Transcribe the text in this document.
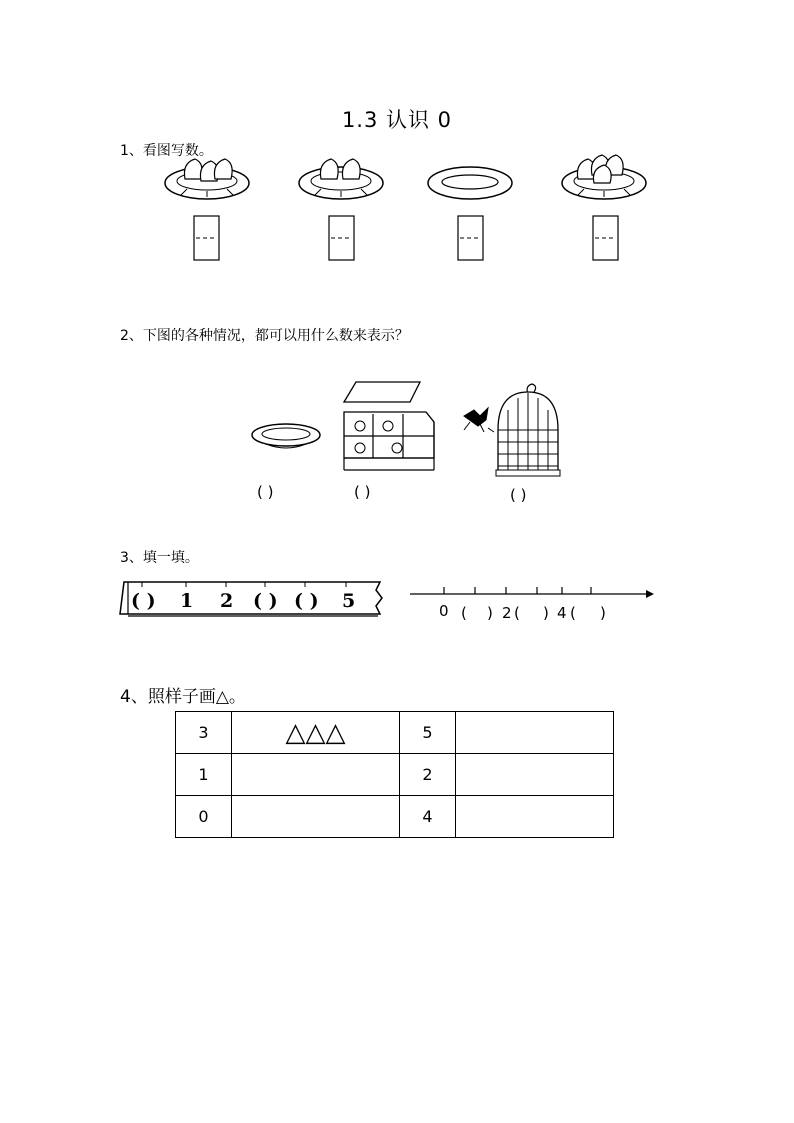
1.3 认识 0
1、看图写数。
2、下图的各种情况，都可以用什么数来表示？
( )	( )	( )
3、填一填。
( ) 1 2 ( ) ( ) 5	0 ( ) 2 ( ) 4 ( )
4、照样子画△。
3	△△△	5	
1		2	
0		4	
